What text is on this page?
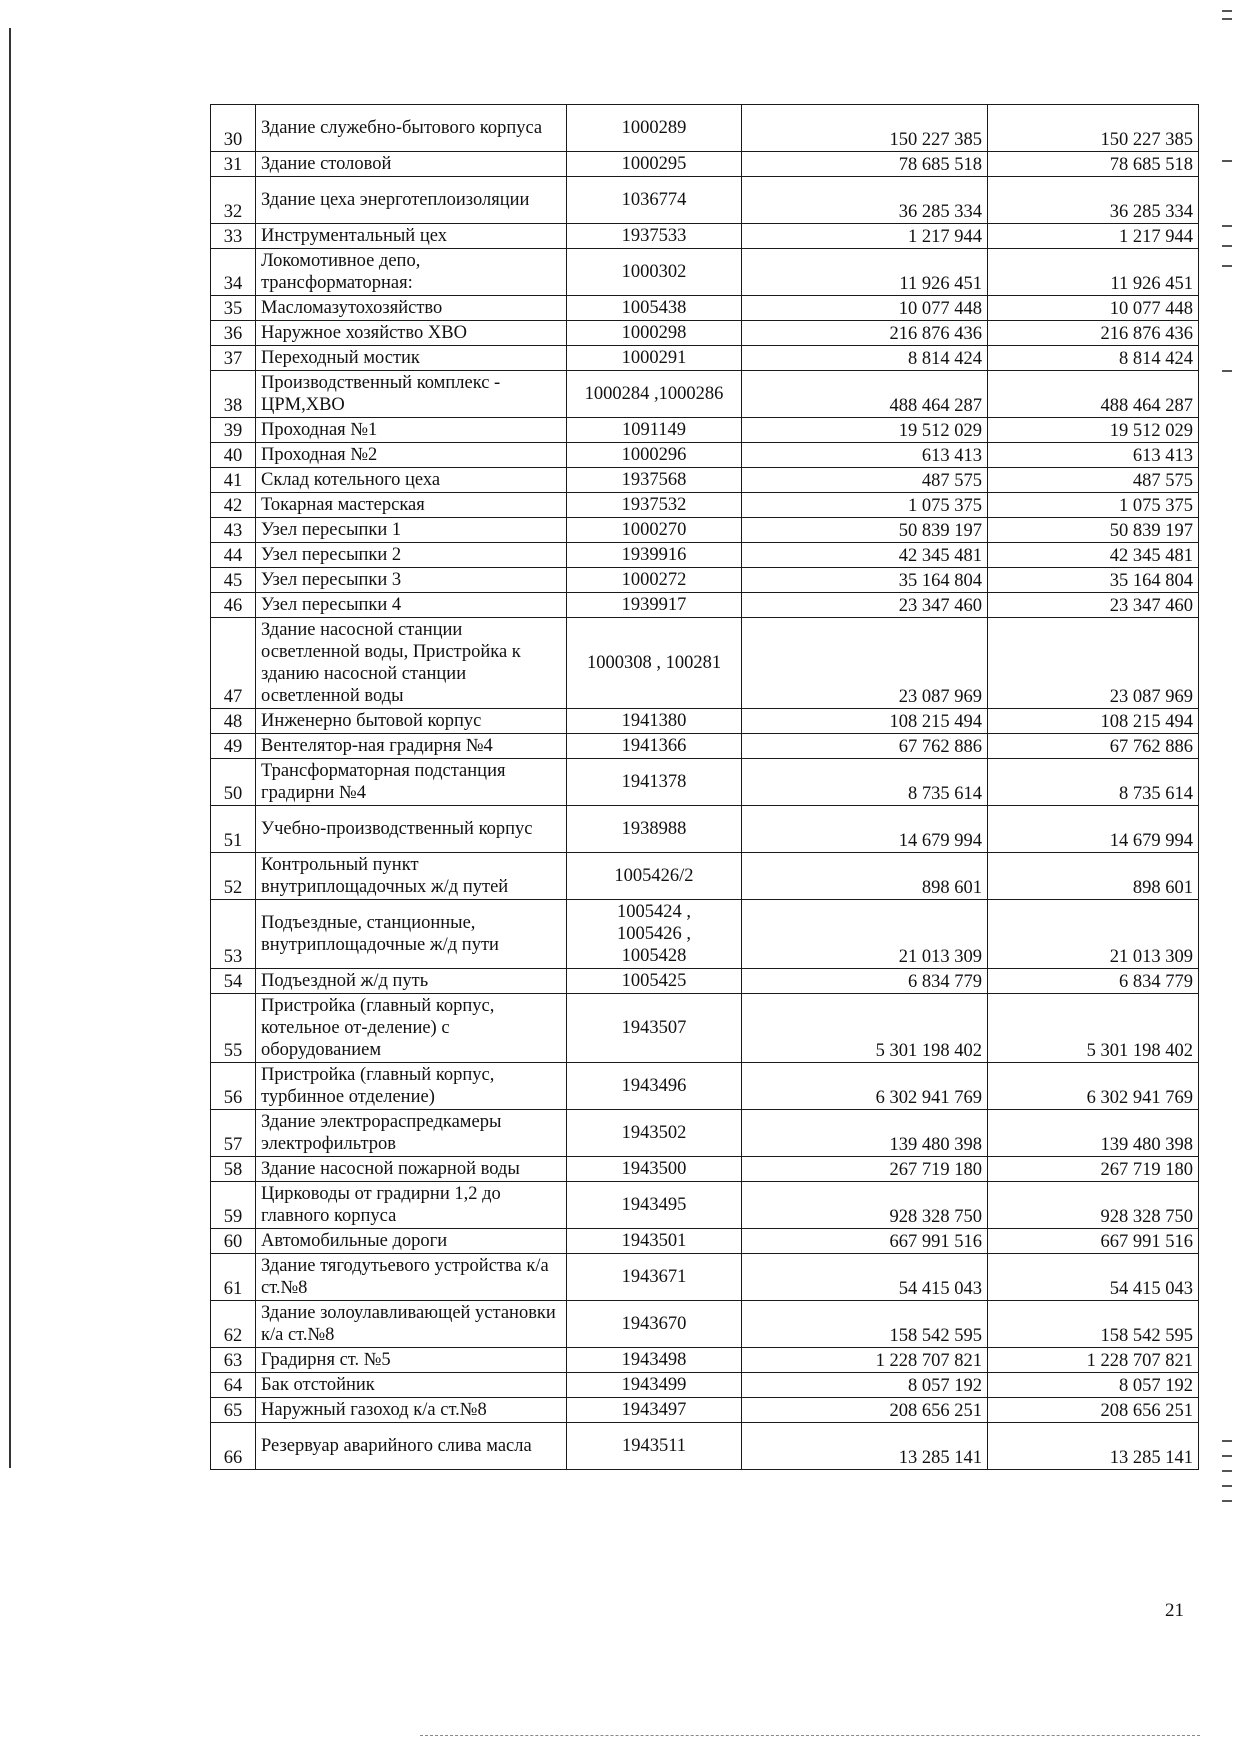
30	Здание служебно-бытового корпуса	1000289	150 227 385	150 227 385
31	Здание столовой	1000295	78 685 518	78 685 518
32	Здание цеха энерготеплоизоляции	1036774	36 285 334	36 285 334
33	Инструментальный цех	1937533	1 217 944	1 217 944
34	Локомотивное депо, трансформаторная:	1000302	11 926 451	11 926 451
35	Масломазутохозяйство	1005438	10 077 448	10 077 448
36	Наружное хозяйство ХВО	1000298	216 876 436	216 876 436
37	Переходный мостик	1000291	8 814 424	8 814 424
38	Производственный комплекс - ЦРМ,ХВО	1000284 ,1000286	488 464 287	488 464 287
39	Проходная №1	1091149	19 512 029	19 512 029
40	Проходная №2	1000296	613 413	613 413
41	Склад котельного цеха	1937568	487 575	487 575
42	Токарная мастерская	1937532	1 075 375	1 075 375
43	Узел пересыпки 1	1000270	50 839 197	50 839 197
44	Узел пересыпки 2	1939916	42 345 481	42 345 481
45	Узел пересыпки 3	1000272	35 164 804	35 164 804
46	Узел пересыпки 4	1939917	23 347 460	23 347 460
47	Здание насосной станции осветленной воды, Пристройка к зданию насосной станции осветленной воды	1000308 , 100281	23 087 969	23 087 969
48	Инженерно бытовой корпус	1941380	108 215 494	108 215 494
49	Вентелятор-ная градирня №4	1941366	67 762 886	67 762 886
50	Трансформаторная подстанция градирни №4	1941378	8 735 614	8 735 614
51	Учебно-производственный корпус	1938988	14 679 994	14 679 994
52	Контрольный пункт внутриплощадочных ж/д путей	1005426/2	898 601	898 601
53	Подъездные, станционные, внутриплощадочные ж/д пути	1005424 ,
1005426 ,
1005428	21 013 309	21 013 309
54	Подъездной ж/д путь	1005425	6 834 779	6 834 779
55	Пристройка (главный корпус, котельное от-деление) с оборудованием	1943507	5 301 198 402	5 301 198 402
56	Пристройка (главный корпус, турбинное отделение)	1943496	6 302 941 769	6 302 941 769
57	Здание электрораспредкамеры электрофильтров	1943502	139 480 398	139 480 398
58	Здание насосной пожарной воды	1943500	267 719 180	267 719 180
59	Цирководы от градирни 1,2 до главного корпуса	1943495	928 328 750	928 328 750
60	Автомобильные дороги	1943501	667 991 516	667 991 516
61	Здание тягодутьевого устройства к/а ст.№8	1943671	54 415 043	54 415 043
62	Здание золоулавливающей установки к/а ст.№8	1943670	158 542 595	158 542 595
63	Градирня ст. №5	1943498	1 228 707 821	1 228 707 821
64	Бак отстойник	1943499	8 057 192	8 057 192
65	Наружный газоход к/а ст.№8	1943497	208 656 251	208 656 251
66	Резервуар аварийного слива масла	1943511	13 285 141	13 285 141
21
